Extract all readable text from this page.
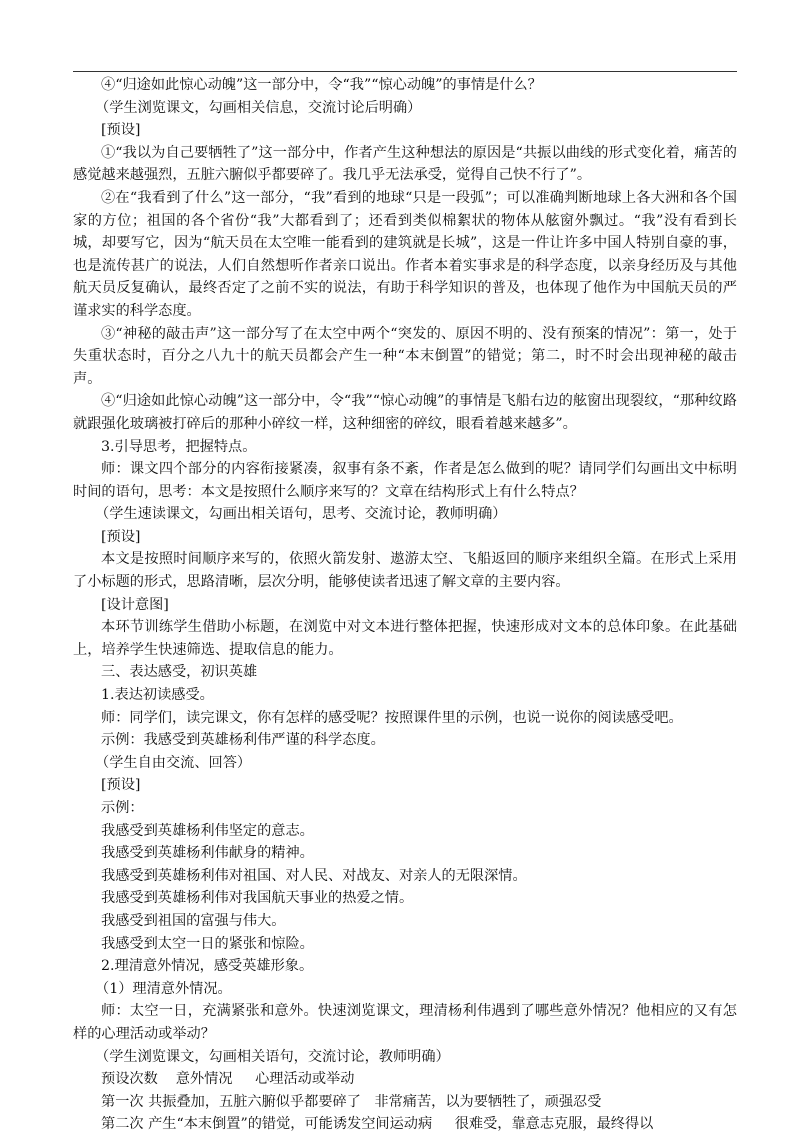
④“归途如此惊心动魄”这一部分中，令“我”“惊心动魄”的事情是什么？

（学生浏览课文，勾画相关信息，交流讨论后明确）

[预设]

①“我以为自己要牺牲了”这一部分中，作者产生这种想法的原因是“共振以曲线的形式变化着，痛苦的感觉越来越强烈，五脏六腑似乎都要碎了。我几乎无法承受，觉得自己快不行了”。

②在“我看到了什么”这一部分，“我”看到的地球“只是一段弧”；可以准确判断地球上各大洲和各个国家的方位；祖国的各个省份“我”大都看到了；还看到类似棉絮状的物体从舷窗外飘过。“我”没有看到长城，却要写它，因为“航天员在太空唯一能看到的建筑就是长城”，这是一件让许多中国人特别自豪的事，也是流传甚广的说法，人们自然想听作者亲口说出。作者本着实事求是的科学态度，以亲身经历及与其他航天员反复确认，最终否定了之前不实的说法，有助于科学知识的普及，也体现了他作为中国航天员的严谨求实的科学态度。

③“神秘的敲击声”这一部分写了在太空中两个“突发的、原因不明的、没有预案的情况”：第一，处于失重状态时，百分之八九十的航天员都会产生一种“本末倒置”的错觉；第二，时不时会出现神秘的敲击声。

④“归途如此惊心动魄”这一部分中，令“我”“惊心动魄”的事情是飞船右边的舷窗出现裂纹，“那种纹路就跟强化玻璃被打碎后的那种小碎纹一样，这种细密的碎纹，眼看着越来越多”。

3.引导思考，把握特点。

师：课文四个部分的内容衔接紧凑，叙事有条不紊，作者是怎么做到的呢？请同学们勾画出文中标明时间的语句，思考：本文是按照什么顺序来写的？文章在结构形式上有什么特点？

（学生速读课文，勾画出相关语句，思考、交流讨论，教师明确）

[预设]

本文是按照时间顺序来写的，依照火箭发射、遨游太空、飞船返回的顺序来组织全篇。在形式上采用了小标题的形式，思路清晰，层次分明，能够使读者迅速了解文章的主要内容。

[设计意图]

本环节训练学生借助小标题，在浏览中对文本进行整体把握，快速形成对文本的总体印象。在此基础上，培养学生快速筛选、提取信息的能力。

三、表达感受，初识英雄

1.表达初读感受。

师：同学们，读完课文，你有怎样的感受呢？按照课件里的示例，也说一说你的阅读感受吧。

示例：我感受到英雄杨利伟严谨的科学态度。

（学生自由交流、回答）

[预设]

示例：

我感受到英雄杨利伟坚定的意志。

我感受到英雄杨利伟献身的精神。

我感受到英雄杨利伟对祖国、对人民、对战友、对亲人的无限深情。

我感受到英雄杨利伟对我国航天事业的热爱之情。

我感受到祖国的富强与伟大。

我感受到太空一日的紧张和惊险。

2.理清意外情况，感受英雄形象。

（1）理清意外情况。

师：太空一日，充满紧张和意外。快速浏览课文，理清杨利伟遇到了哪些意外情况？他相应的又有怎样的心理活动或举动？

（学生浏览课文，勾画相关语句，交流讨论，教师明确）

预设次数    意外情况     心理活动或举动

第一次 共振叠加，五脏六腑似乎都要碎了   非常痛苦，以为要牺牲了，顽强忍受

第二次 产生“本末倒置”的错觉，可能诱发空间运动病     很难受，靠意志克服，最终得以
